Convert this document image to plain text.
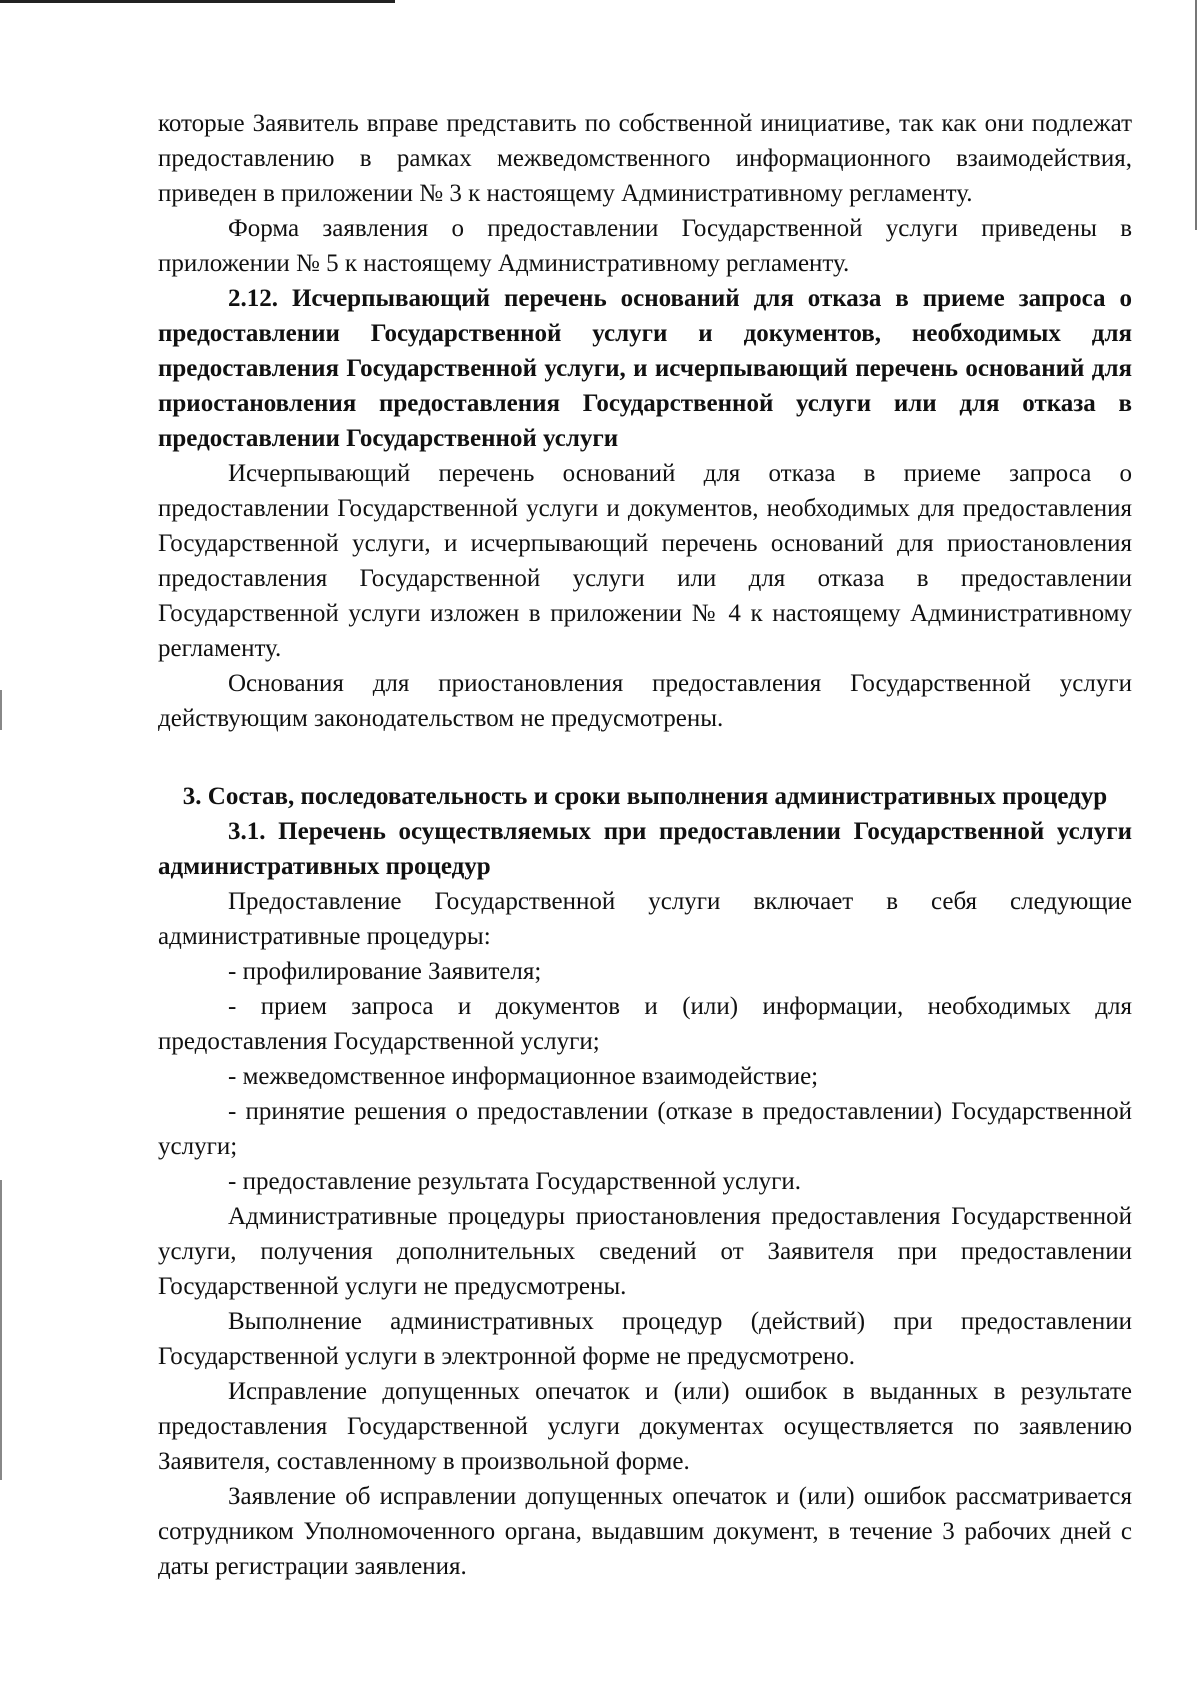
которые Заявитель вправе представить по собственной инициативе, так как они подлежат предоставлению в рамках межведомственного информационного взаимодействия, приведен в приложении № 3 к настоящему Административному регламенту.

Форма заявления о предоставлении Государственной услуги приведены в приложении № 5 к настоящему Административному регламенту.

2.12. Исчерпывающий перечень оснований для отказа в приеме запроса о предоставлении Государственной услуги и документов, необходимых для предоставления Государственной услуги, и исчерпывающий перечень оснований для приостановления предоставления Государственной услуги или для отказа в предоставлении Государственной услуги

Исчерпывающий перечень оснований для отказа в приеме запроса о предоставлении Государственной услуги и документов, необходимых для предоставления Государственной услуги, и исчерпывающий перечень оснований для приостановления предоставления Государственной услуги или для отказа в предоставлении Государственной услуги изложен в приложении № 4 к настоящему Административному регламенту.

Основания для приостановления предоставления Государственной услуги действующим законодательством не предусмотрены.

3. Состав, последовательность и сроки выполнения административных процедур

3.1. Перечень осуществляемых при предоставлении Государственной услуги административных процедур

Предоставление Государственной услуги включает в себя следующие административные процедуры:

- профилирование Заявителя;

- прием запроса и документов и (или) информации, необходимых для предоставления Государственной услуги;

- межведомственное информационное взаимодействие;

- принятие решения о предоставлении (отказе в предоставлении) Государственной услуги;

- предоставление результата Государственной услуги.

Административные процедуры приостановления предоставления Государственной услуги, получения дополнительных сведений от Заявителя при предоставлении Государственной услуги не предусмотрены.

Выполнение административных процедур (действий) при предоставлении Государственной услуги в электронной форме не предусмотрено.

Исправление допущенных опечаток и (или) ошибок в выданных в результате предоставления Государственной услуги документах осуществляется по заявлению Заявителя, составленному в произвольной форме.

Заявление об исправлении допущенных опечаток и (или) ошибок рассматривается сотрудником Уполномоченного органа, выдавшим документ, в течение 3 рабочих дней с даты регистрации заявления.
